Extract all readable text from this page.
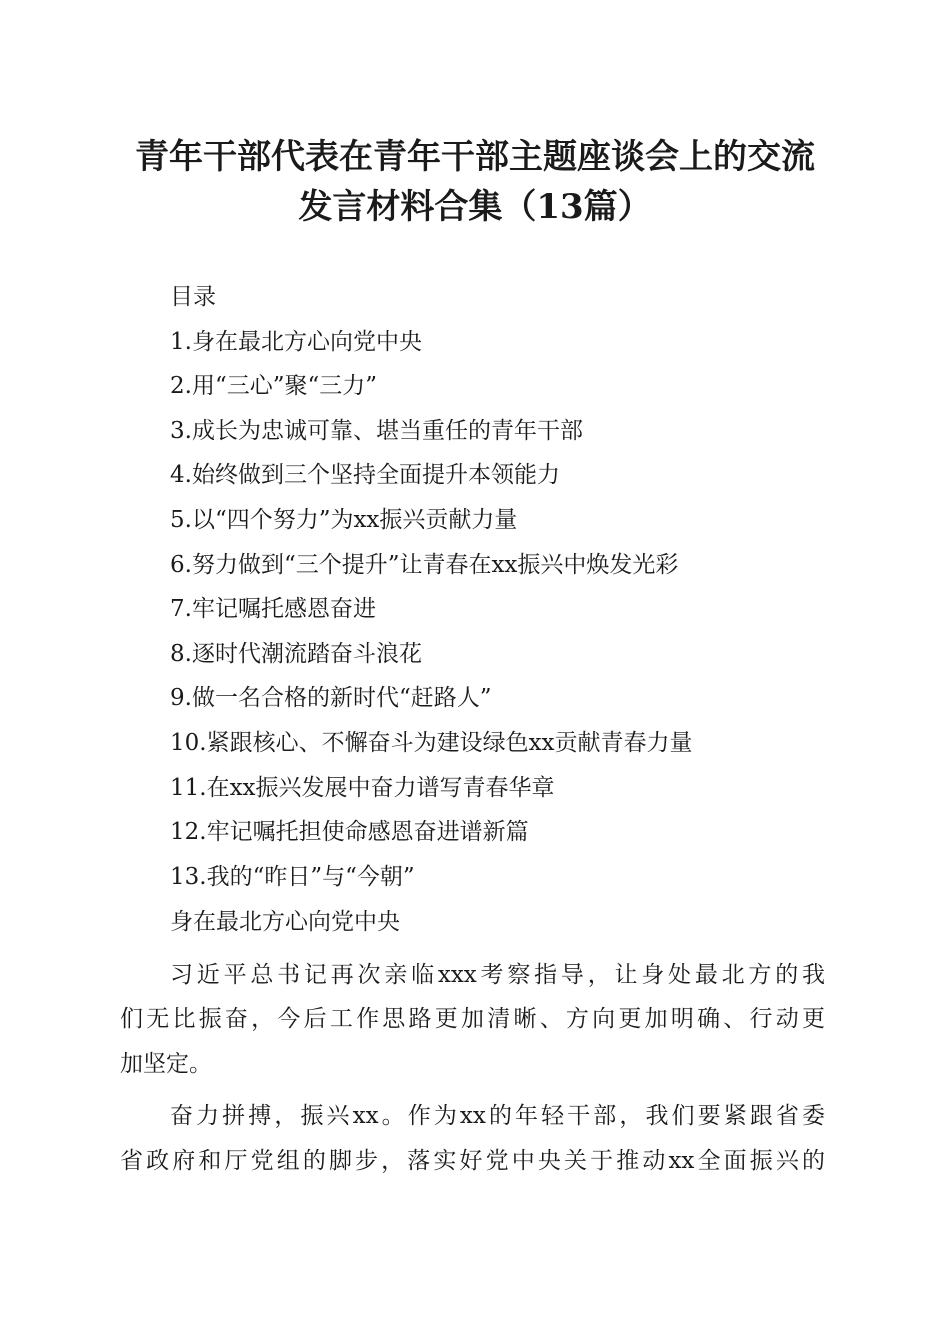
青年干部代表在青年干部主题座谈会上的交流
发言材料合集（13篇）
目录
1.身在最北方心向党中央
2.用“三心”聚“三力”
3.成长为忠诚可靠、堪当重任的青年干部
4.始终做到三个坚持全面提升本领能力
5.以“四个努力”为xx振兴贡献力量
6.努力做到“三个提升”让青春在xx振兴中焕发光彩
7.牢记嘱托感恩奋进
8.逐时代潮流踏奋斗浪花
9.做一名合格的新时代“赶路人”
10.紧跟核心、不懈奋斗为建设绿色xx贡献青春力量
11.在xx振兴发展中奋力谱写青春华章
12.牢记嘱托担使命感恩奋进谱新篇
13.我的“昨日”与“今朝”
身在最北方心向党中央
习近平总书记再次亲临xxx考察指导，让身处最北方的我
们无比振奋，今后工作思路更加清晰、方向更加明确、行动更
加坚定。
奋力拼搏，振兴xx。作为xx的年轻干部，我们要紧跟省委
省政府和厅党组的脚步，落实好党中央关于推动xx全面振兴的
